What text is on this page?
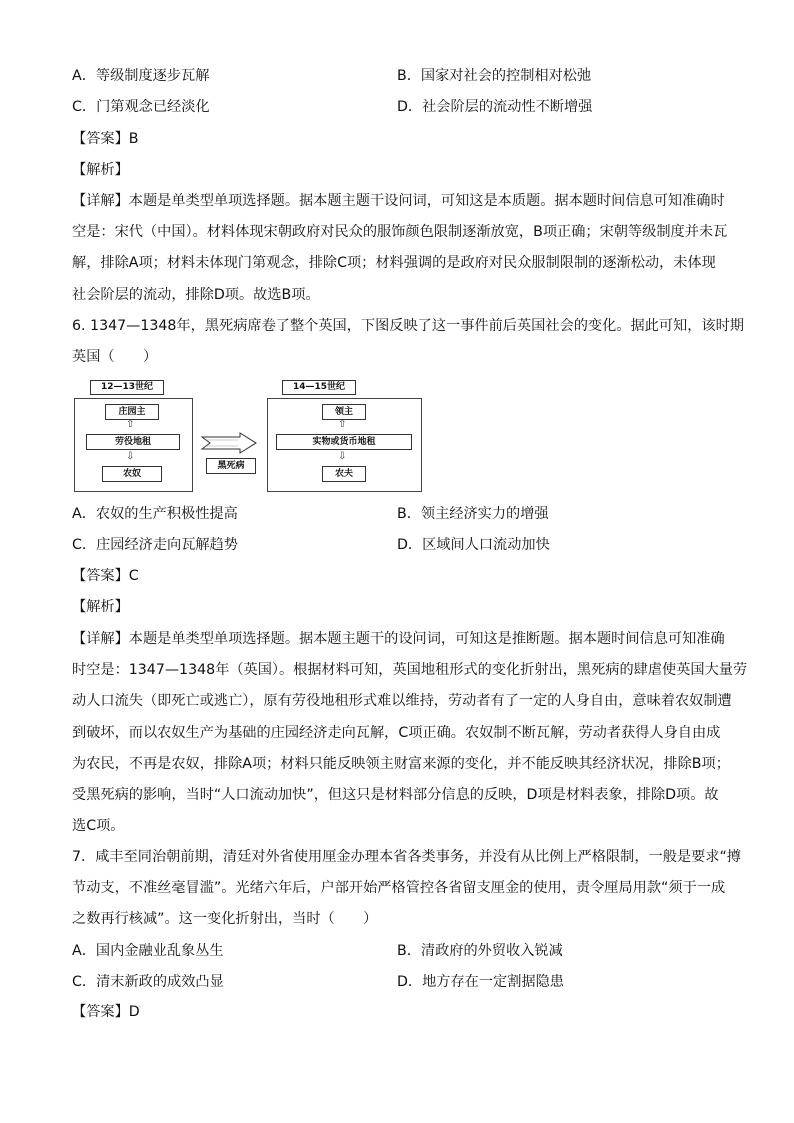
A．等级制度逐步瓦解	B．国家对社会的控制相对松弛
C．门第观念已经淡化	D．社会阶层的流动性不断增强
【答案】B
【解析】

【详解】本题是单类型单项选择题。据本题主题干设问词，可知这是本质题。据本题时间信息可知准确时

空是：宋代（中国）。材料体现宋朝政府对民众的服饰颜色限制逐渐放宽，B项正确；宋朝等级制度并未瓦

解，排除A项；材料未体现门第观念，排除C项；材料强调的是政府对民众服制限制的逐渐松动，未体现

社会阶层的流动，排除D项。故选B项。

6. 1347—1348年，黑死病席卷了整个英国，下图反映了这一事件前后英国社会的变化。据此可知，该时期

英国（　　）

12—13世纪
庄园主
⇧
劳役地租
⇩
农奴
黑死病
14—15世纪
领主
⇧
实物或货币地租
⇩
农夫
A．农奴的生产积极性提高	B．领主经济实力的增强
C．庄园经济走向瓦解趋势	D．区域间人口流动加快
【答案】C
【解析】

【详解】本题是单类型单项选择题。据本题主题干的设问词，可知这是推断题。据本题时间信息可知准确

时空是：1347—1348年（英国）。根据材料可知，英国地租形式的变化折射出，黑死病的肆虐使英国大量劳

动人口流失（即死亡或逃亡），原有劳役地租形式难以维持，劳动者有了一定的人身自由，意味着农奴制遭

到破坏，而以农奴生产为基础的庄园经济走向瓦解，C项正确。农奴制不断瓦解，劳动者获得人身自由成

为农民，不再是农奴，排除A项；材料只能反映领主财富来源的变化，并不能反映其经济状况，排除B项；

受黑死病的影响，当时“人口流动加快”，但这只是材料部分信息的反映，D项是材料表象，排除D项。故

选C项。

7．咸丰至同治朝前期，清廷对外省使用厘金办理本省各类事务，并没有从比例上严格限制，一般是要求“撙

节动支，不准丝毫冒滥”。光绪六年后，户部开始严格管控各省留支厘金的使用，责令厘局用款“须于一成

之数再行核减”。这一变化折射出，当时（　　）

A．国内金融业乱象丛生	B．清政府的外贸收入锐减
C．清末新政的成效凸显	D．地方存在一定割据隐患
【答案】D
